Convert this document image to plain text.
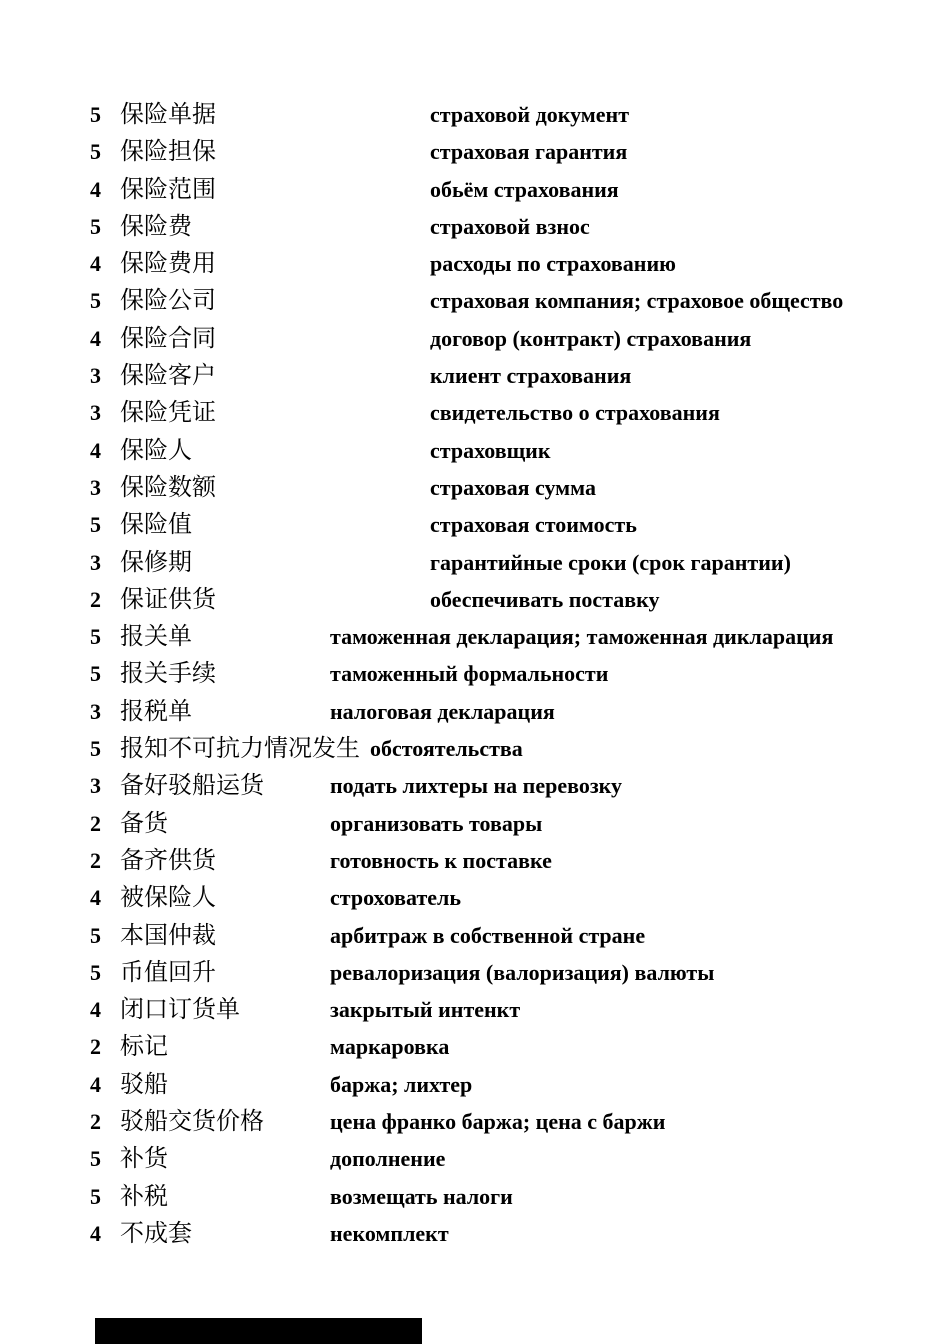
5 保险单据	страховой документ
5 保险担保	страховая гарантия
4 保险范围	обьём страхования
5 保险费	страховой взнос
4 保险费用	расходы по страхованию
5 保险公司	страховая компания; страховое общество
4 保险合同	договор (контракт) страхования
3 保险客户	клиент страхования
3 保险凭证	свидетельство о страхования
4 保险人	страховщик
3 保险数额	страховая сумма
5 保险值	страховая стоимость
3 保修期	гарантийные сроки (срок гарантии)
2 保证供货	обеспечивать поставку
5 报关单	таможенная декларация; таможенная дикларация
5 报关手续	таможенный формальности
3 报税单	налоговая декларация
5 报知不可抗力情况发生 обстоятельства
3 备好驳船运货	подать лихтеры на перевозку
2 备货	организовать товары
2 备齐供货	готовность к поставке
4 被保险人	строхователь
5 本国仲裁	арбитраж в собственной стране
5 币值回升	ревалоризация (валоризация) валюты
4 闭口订货单	закрытый интенкт
2 标记	маркаровка
4 驳船	баржа; лихтер
2 驳船交货价格	цена франко баржа; цена с баржи
5 补货	дополнение
5 补税	возмещать налоги
4 不成套	некомплект
